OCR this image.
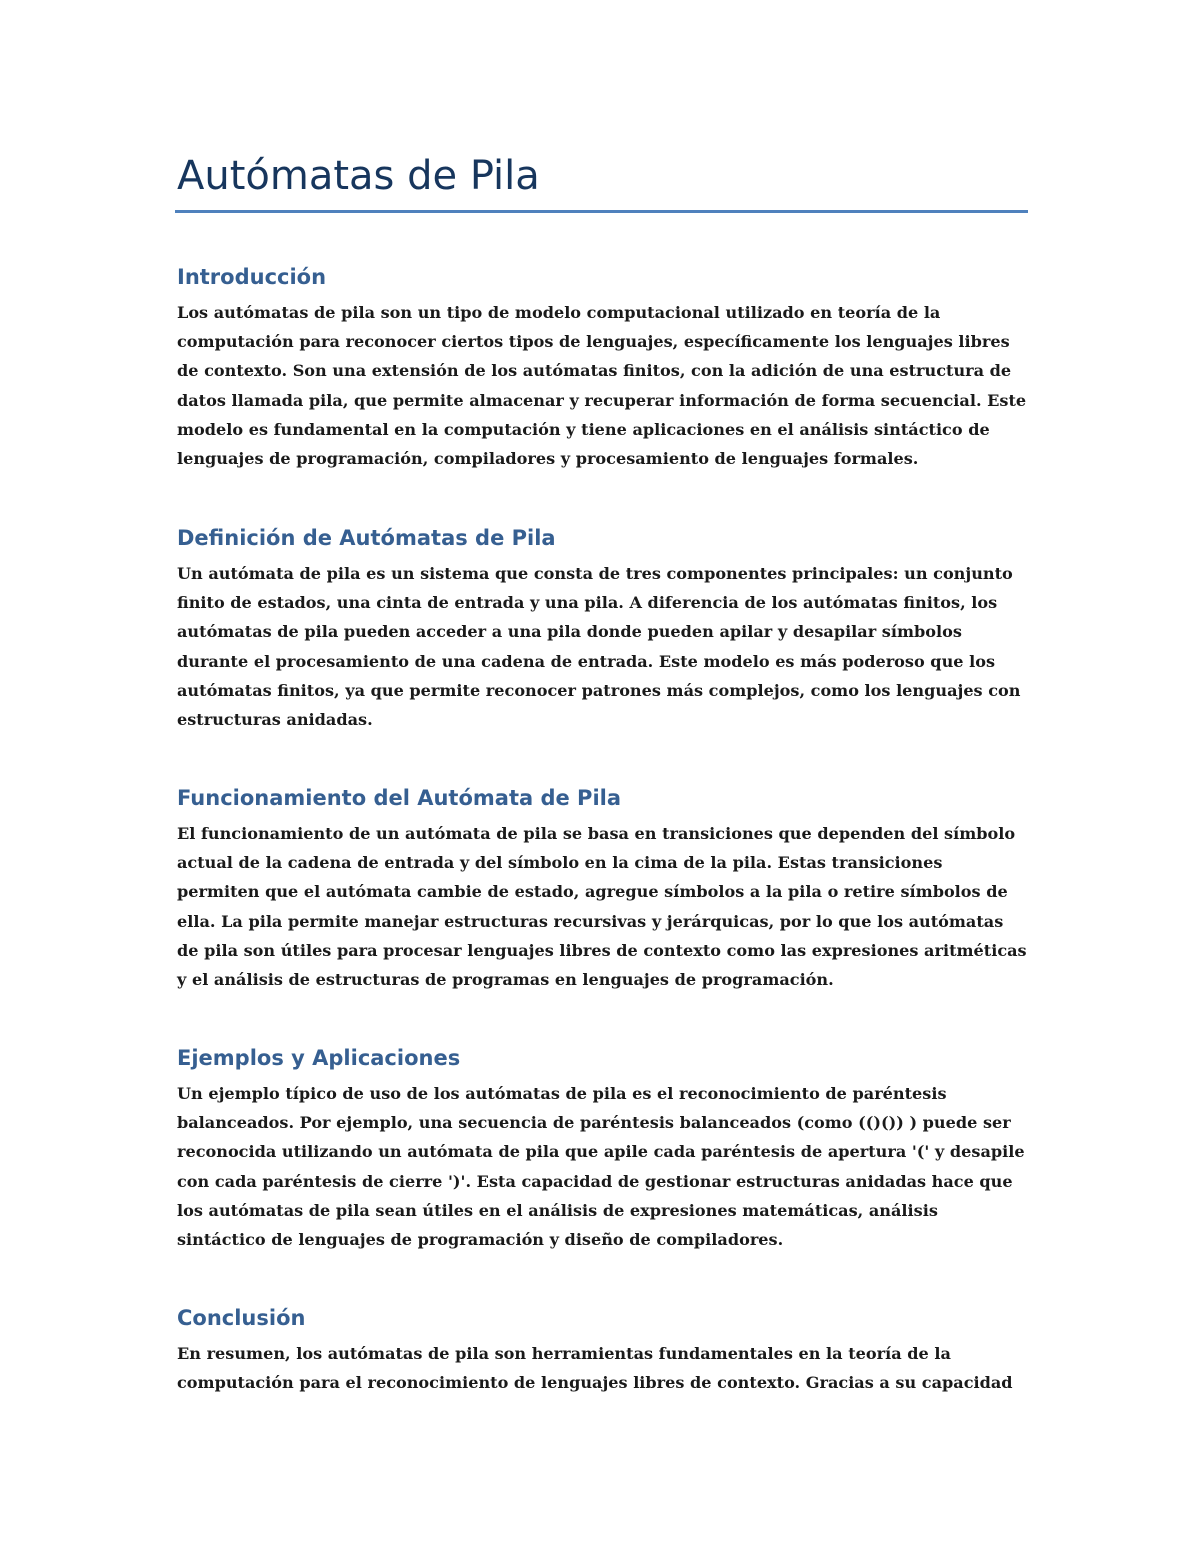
Autómatas de Pila
Introducción

Los autómatas de pila son un tipo de modelo computacional utilizado en teoría de la computación para reconocer ciertos tipos de lenguajes, específicamente los lenguajes libres de contexto. Son una extensión de los autómatas finitos, con la adición de una estructura de datos llamada pila, que permite almacenar y recuperar información de forma secuencial. Este modelo es fundamental en la computación y tiene aplicaciones en el análisis sintáctico de lenguajes de programación, compiladores y procesamiento de lenguajes formales.

Definición de Autómatas de Pila

Un autómata de pila es un sistema que consta de tres componentes principales: un conjunto finito de estados, una cinta de entrada y una pila. A diferencia de los autómatas finitos, los autómatas de pila pueden acceder a una pila donde pueden apilar y desapilar símbolos durante el procesamiento de una cadena de entrada. Este modelo es más poderoso que los autómatas finitos, ya que permite reconocer patrones más complejos, como los lenguajes con estructuras anidadas.

Funcionamiento del Autómata de Pila

El funcionamiento de un autómata de pila se basa en transiciones que dependen del símbolo actual de la cadena de entrada y del símbolo en la cima de la pila. Estas transiciones permiten que el autómata cambie de estado, agregue símbolos a la pila o retire símbolos de ella. La pila permite manejar estructuras recursivas y jerárquicas, por lo que los autómatas de pila son útiles para procesar lenguajes libres de contexto como las expresiones aritméticas y el análisis de estructuras de programas en lenguajes de programación.

Ejemplos y Aplicaciones

Un ejemplo típico de uso de los autómatas de pila es el reconocimiento de paréntesis balanceados. Por ejemplo, una secuencia de paréntesis balanceados (como (()()) ) puede ser reconocida utilizando un autómata de pila que apile cada paréntesis de apertura '(' y desapile con cada paréntesis de cierre ')'. Esta capacidad de gestionar estructuras anidadas hace que los autómatas de pila sean útiles en el análisis de expresiones matemáticas, análisis sintáctico de lenguajes de programación y diseño de compiladores.

Conclusión

En resumen, los autómatas de pila son herramientas fundamentales en la teoría de la computación para el reconocimiento de lenguajes libres de contexto. Gracias a su capacidad
